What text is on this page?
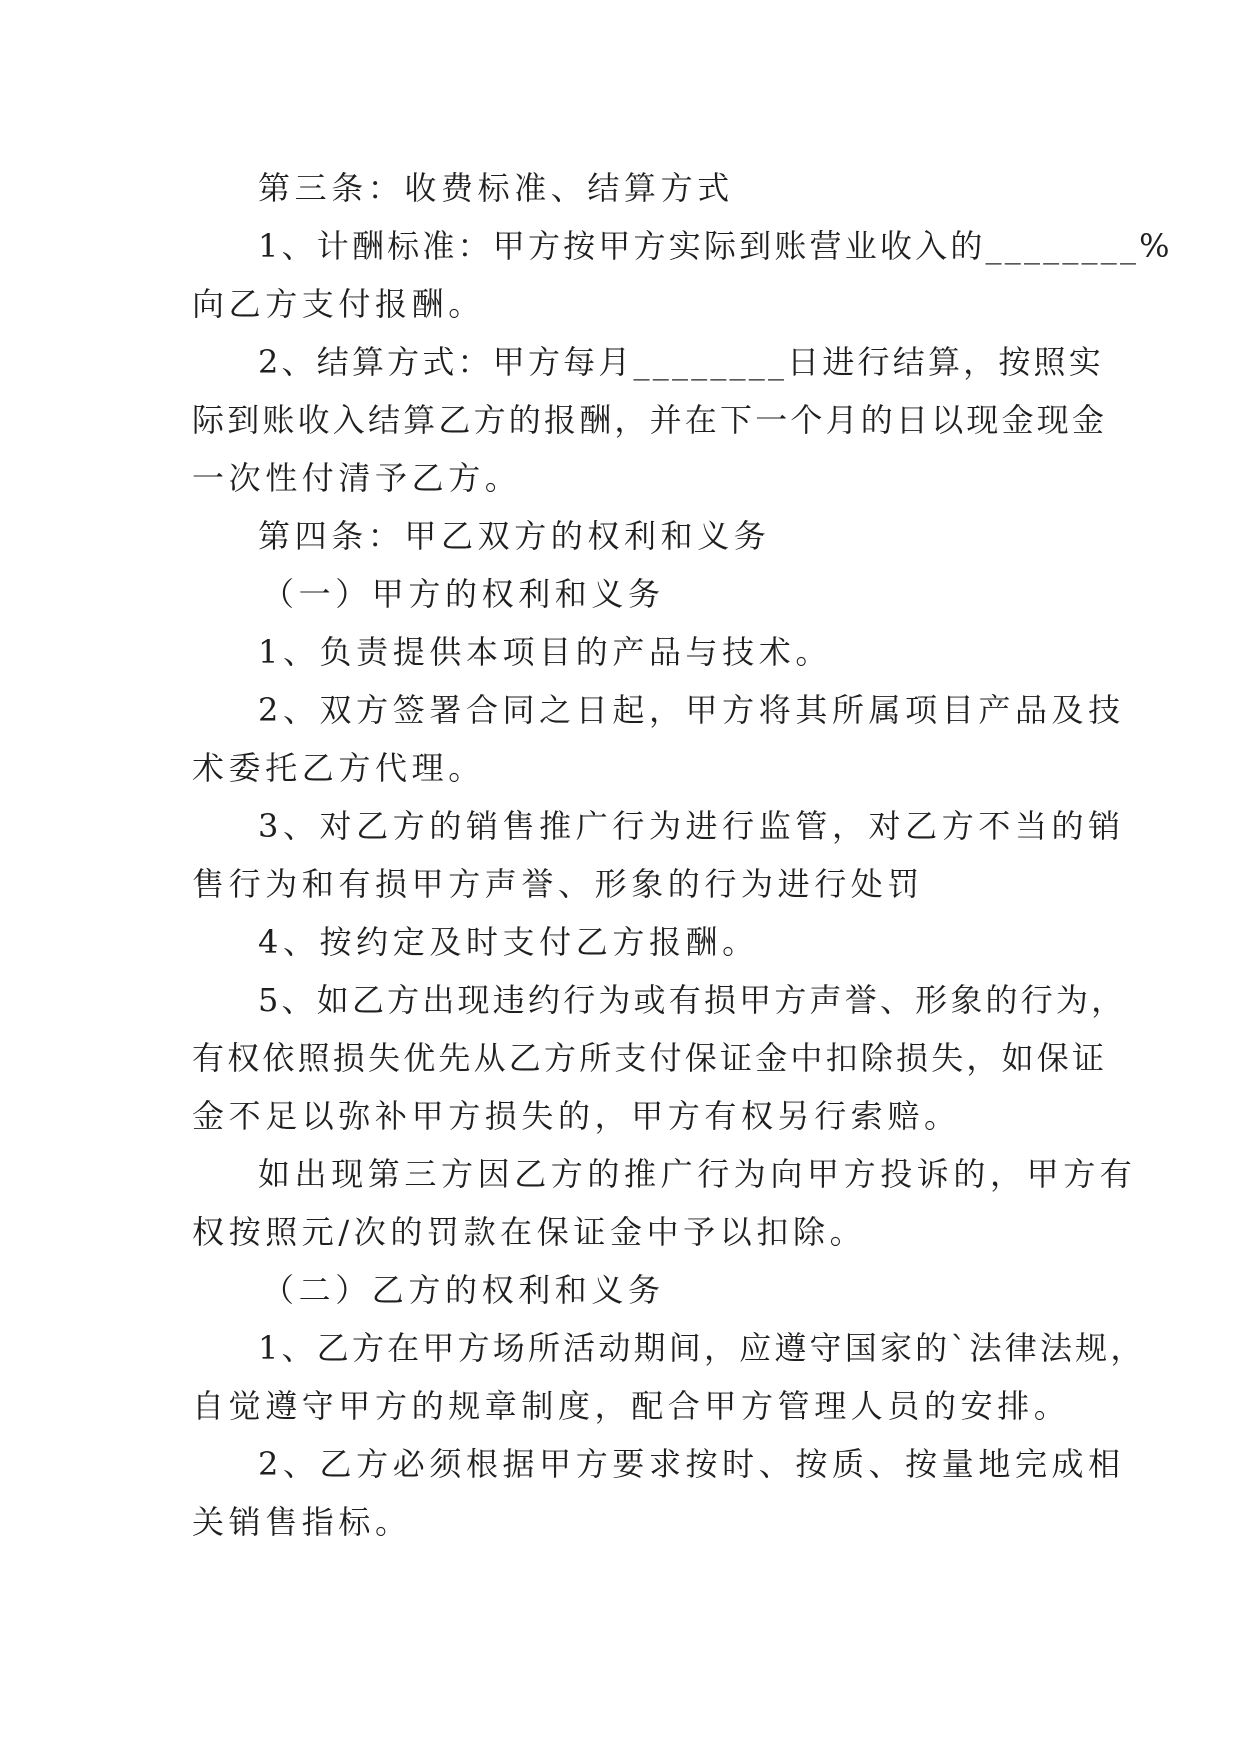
第三条：收费标准、结算方式
1、计酬标准：甲方按甲方实际到账营业收入的________%
向乙方支付报酬。
2、结算方式：甲方每月________日进行结算，按照实
际到账收入结算乙方的报酬，并在下一个月的日以现金现金
一次性付清予乙方。
第四条：甲乙双方的权利和义务
（一）甲方的权利和义务
1、负责提供本项目的产品与技术。
2、双方签署合同之日起，甲方将其所属项目产品及技
术委托乙方代理。
3、对乙方的销售推广行为进行监管，对乙方不当的销
售行为和有损甲方声誉、形象的行为进行处罚
4、按约定及时支付乙方报酬。
5、如乙方出现违约行为或有损甲方声誉、形象的行为，
有权依照损失优先从乙方所支付保证金中扣除损失，如保证
金不足以弥补甲方损失的，甲方有权另行索赔。
如出现第三方因乙方的推广行为向甲方投诉的，甲方有
权按照元/次的罚款在保证金中予以扣除。
（二）乙方的权利和义务
1、乙方在甲方场所活动期间，应遵守国家的`法律法规，
自觉遵守甲方的规章制度，配合甲方管理人员的安排。
2、乙方必须根据甲方要求按时、按质、按量地完成相
关销售指标。
